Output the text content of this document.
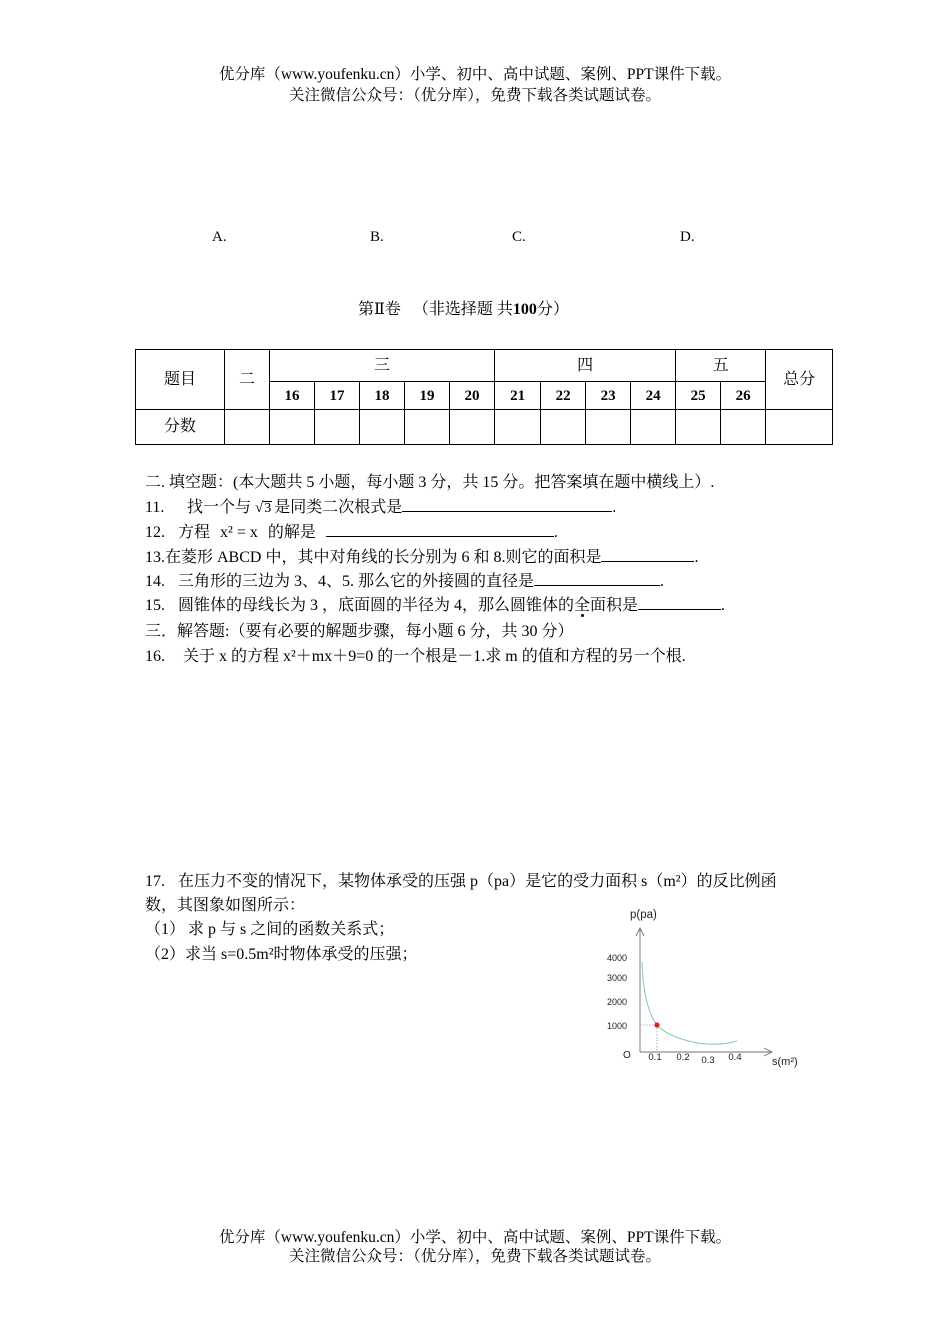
优分库（www.youfenku.cn）小学、初中、高中试题、案例、PPT课件下载。
关注微信公众号：（优分库），免费下载各类试题试卷。
A.	B.	C.	D.
第Ⅱ卷 （非选择题 共100分）
题目	二	三					四				五		总分
		16	17	18	19	20	21	22	23	24	25	26	
分数													
二. 填空题：(本大题共 5 小题，每小题 3 分，共 15 分。把答案填在题中横线上）.
11. 找一个与 √3 是同类二次根式是	.
12. 方程 x² = x 的解是	.
13.在菱形 ABCD 中，其中对角线的长分别为 6 和 8.则它的面积是	.
14. 三角形的三边为 3、4、5. 那么它的外接圆的直径是	.
15. 圆锥体的母线长为 3 ，底面圆的半径为 4，那么圆锥体的全面积是	.
三．解答题:（要有必要的解题步骤，每小题 6 分，共 30 分）
16. 关于 x 的方程 x²＋mx＋9=0 的一个根是－1.求 m 的值和方程的另一个根.
17. 在压力不变的情况下，某物体承受的压强 p（pa）是它的受力面积 s（m²）的反比例函
数，其图象如图所示：
（1） 求 p 与 s 之间的函数关系式；
（2）求当 s=0.5m²时物体承受的压强；
p(pa)
4000
3000
2000
1000
O 0.1 0.2 0.3 0.4	s(m²)
优分库（www.youfenku.cn）小学、初中、高中试题、案例、PPT课件下载。
关注微信公众号：（优分库），免费下载各类试题试卷。
